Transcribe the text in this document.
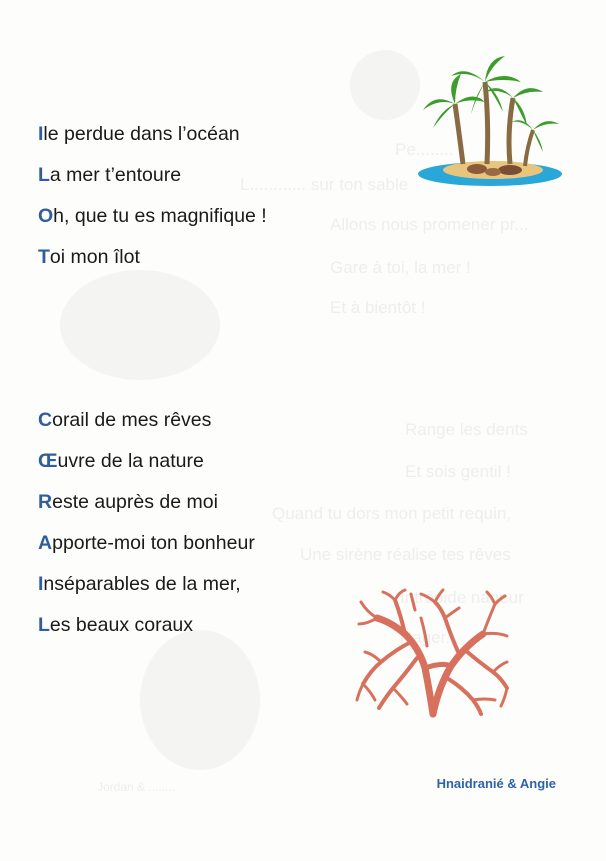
Pe........
L............ sur ton sable
Allons nous promener pr...
Gare à toi, la mer !
Et à bientôt !
Range les dents
Et sois gentil !
Quand tu dors mon petit requin,
Une sirène réalise tes rêves
Intrépide nageur
Nager...
Jordan & ........
Ile perdue dans l’océan
La mer t’entoure
Oh, que tu es magnifique !
Toi mon îlot
Corail de mes rêves
Œuvre de la nature
Reste auprès de moi
Apporte-moi ton bonheur
Inséparables de la mer,
Les beaux coraux
Hnaidranié & Angie
